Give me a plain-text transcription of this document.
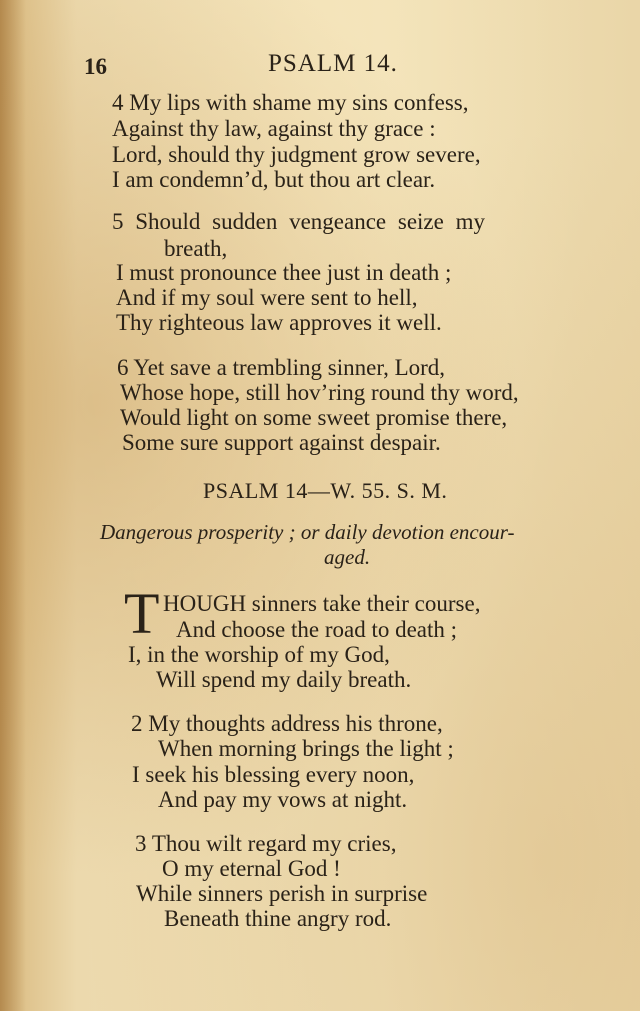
16	PSALM 14.
4 My lips with shame my sins confess,
Against thy law, against thy grace :
Lord, should thy judgment grow severe,
I am condemn’d, but thou art clear.
5 Should sudden vengeance seize my
breath,
I must pronounce thee just in death ;
And if my soul were sent to hell,
Thy righteous law approves it well.
6 Yet save a trembling sinner, Lord,
Whose hope, still hov’ring round thy word,
Would light on some sweet promise there,
Some sure support against despair.
PSALM 14—W. 55. S. M.
Dangerous prosperity ; or daily devotion encour-
aged.
T HOUGH sinners take their course,
And choose the road to death ;
I, in the worship of my God,
Will spend my daily breath.
2 My thoughts address his throne,
When morning brings the light ;
I seek his blessing every noon,
And pay my vows at night.
3 Thou wilt regard my cries,
O my eternal God !
While sinners perish in surprise
Beneath thine angry rod.
